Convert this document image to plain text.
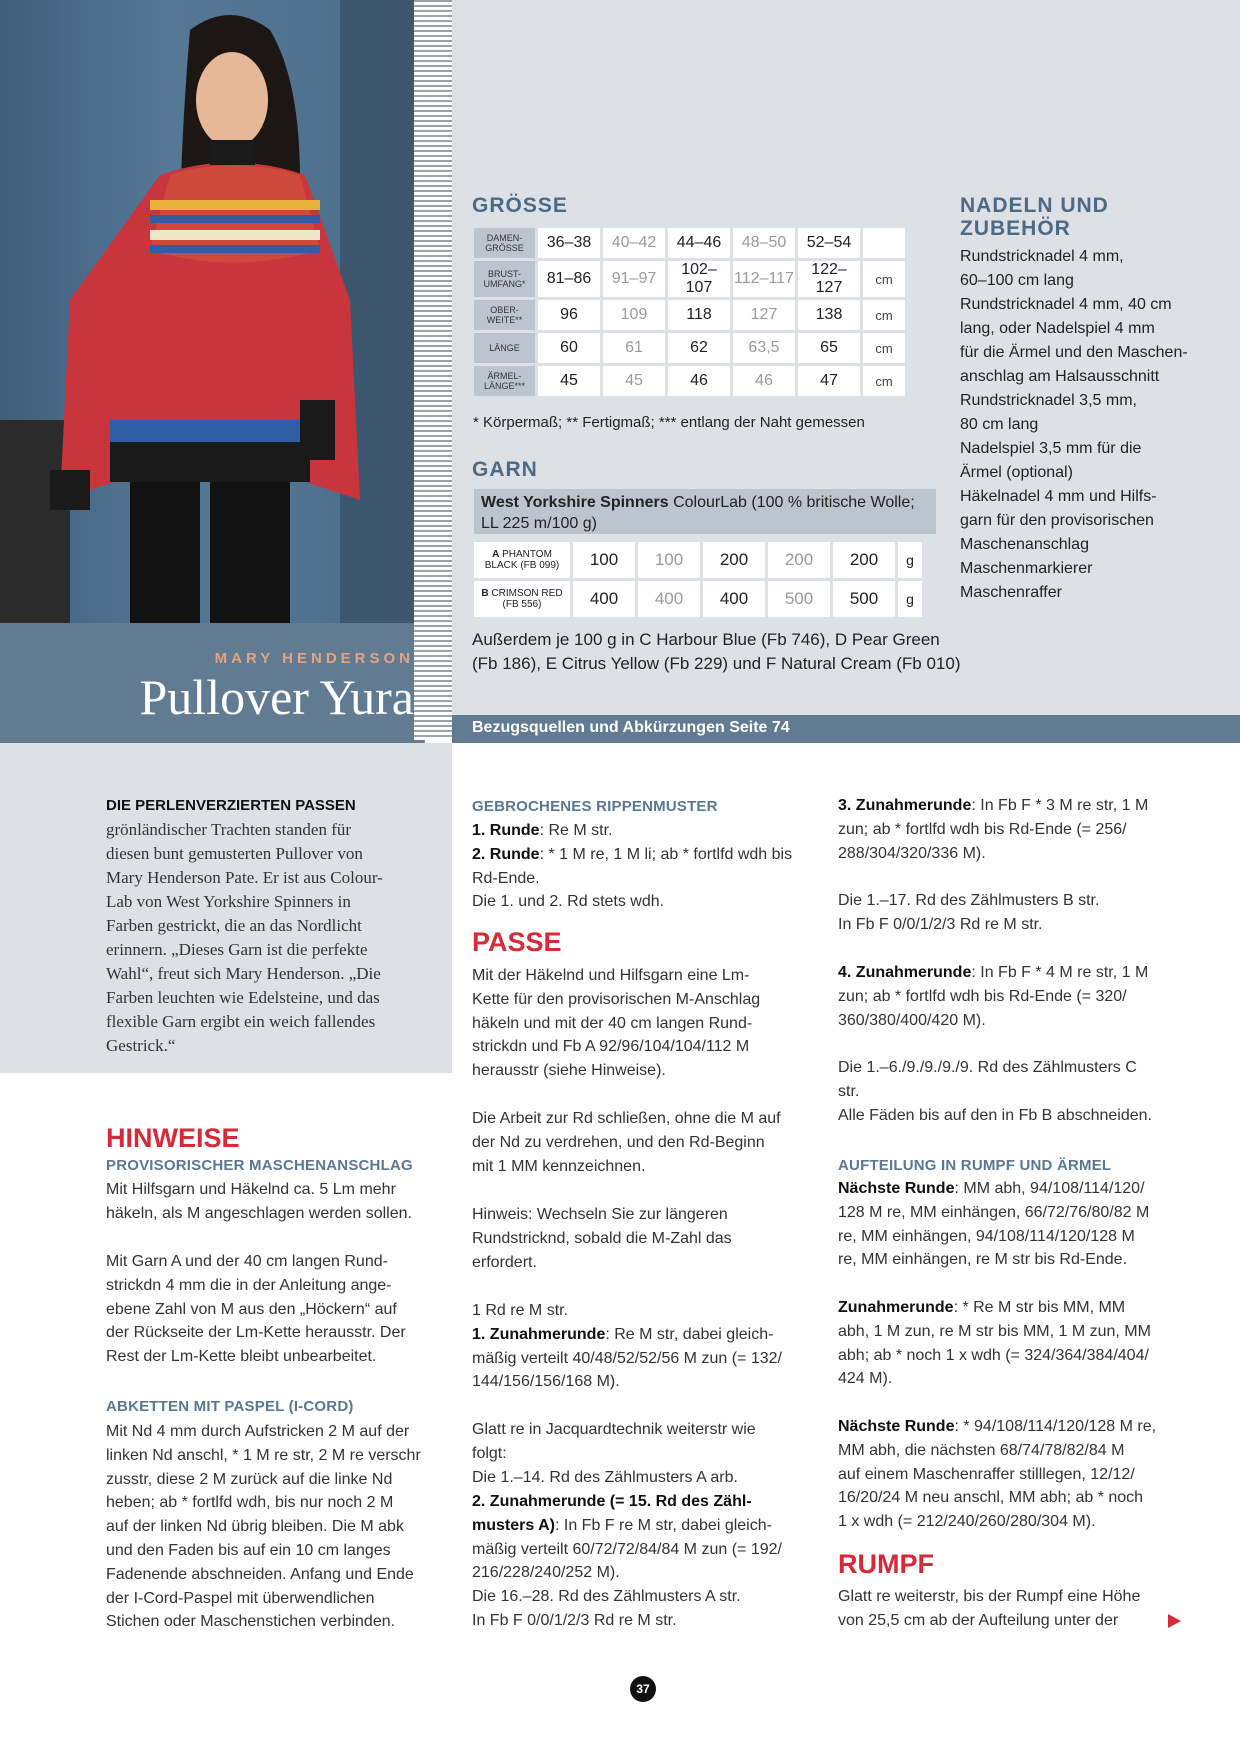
MARY HENDERSON
Pullover Yura
Bezugsquellen und Abkürzungen Seite 74
GRÖSSE
DAMEN-
GRÖSSE	36–38	40–42	44–46	48–50	52–54	
BRUST-
UMFANG*	81–86	91–97	102–107	112–117	122–127	cm
OBER-
WEITE**	96	109	118	127	138	cm
LÄNGE	60	61	62	63,5	65	cm
ÄRMEL-
LÄNGE***	45	45	46	46	47	cm
* Körpermaß; ** Fertigmaß; *** entlang der Naht gemessen
GARN
West Yorkshire Spinners ColourLab (100 % britische Wolle;
LL 225 m/100 g)
A PHANTOM
BLACK (FB 099)	100	100	200	200	200	g
B CRIMSON RED
(FB 556)	400	400	400	500	500	g
Außerdem je 100 g in C Harbour Blue (Fb 746), D Pear Green
(Fb 186), E Citrus Yellow (Fb 229) und F Natural Cream (Fb 010)
NADELN UND
ZUBEHÖR
Rundstricknadel 4 mm,
60–100 cm lang
Rundstricknadel 4 mm, 40 cm
lang, oder Nadelspiel 4 mm
für die Ärmel und den Maschen-
anschlag am Halsausschnitt
Rundstricknadel 3,5 mm,
80 cm lang
Nadelspiel 3,5 mm für die
Ärmel (optional)
Häkelnadel 4 mm und Hilfs-
garn für den provisorischen
Maschenanschlag
Maschenmarkierer
Maschenraffer
DIE PERLENVERZIERTEN PASSEN
grönländischer Trachten standen für
diesen bunt gemusterten Pullover von
Mary Henderson Pate. Er ist aus Colour-
Lab von West Yorkshire Spinners in
Farben gestrickt, die an das Nordlicht
erinnern. „Dieses Garn ist die perfekte
Wahl“, freut sich Mary Henderson. „Die
Farben leuchten wie Edelsteine, und das
flexible Garn ergibt ein weich fallendes
Gestrick.“
HINWEISE
PROVISORISCHER MASCHENANSCHLAG
Mit Hilfsgarn und Häkelnd ca. 5 Lm mehr
häkeln, als M angeschlagen werden sollen.
Mit Garn A und der 40 cm langen Rund-
strickdn 4 mm die in der Anleitung ange-
ebene Zahl von M aus den „Höckern“ auf
der Rückseite der Lm-Kette herausstr. Der
Rest der Lm-Kette bleibt unbearbeitet.
ABKETTEN MIT PASPEL (I-CORD)
Mit Nd 4 mm durch Aufstricken 2 M auf der
linken Nd anschl, * 1 M re str, 2 M re verschr
zusstr, diese 2 M zurück auf die linke Nd
heben; ab * fortlfd wdh, bis nur noch 2 M
auf der linken Nd übrig bleiben. Die M abk
und den Faden bis auf ein 10 cm langes
Fadenende abschneiden. Anfang und Ende
der I-Cord-Paspel mit überwendlichen
Stichen oder Maschenstichen verbinden.
GEBROCHENES RIPPENMUSTER
1. Runde: Re M str.
2. Runde: * 1 M re, 1 M li; ab * fortlfd wdh bis
Rd-Ende.
Die 1. und 2. Rd stets wdh.
PASSE
Mit der Häkelnd und Hilfsgarn eine Lm-
Kette für den provisorischen M-Anschlag
häkeln und mit der 40 cm langen Rund-
strickdn und Fb A 92/96/104/104/112 M
herausstr (siehe Hinweise).
Die Arbeit zur Rd schließen, ohne die M auf
der Nd zu verdrehen, und den Rd-Beginn
mit 1 MM kennzeichnen.
Hinweis: Wechseln Sie zur längeren
Rundstricknd, sobald die M-Zahl das
erfordert.
1 Rd re M str.
1. Zunahmerunde: Re M str, dabei gleich-
mäßig verteilt 40/48/52/52/56 M zun (= 132/
144/156/156/168 M).
Glatt re in Jacquardtechnik weiterstr wie
folgt:
Die 1.–14. Rd des Zählmusters A arb.
2. Zunahmerunde (= 15. Rd des Zähl-
musters A): In Fb F re M str, dabei gleich-
mäßig verteilt 60/72/72/84/84 M zun (= 192/
216/228/240/252 M).
Die 16.–28. Rd des Zählmusters A str.
In Fb F 0/0/1/2/3 Rd re M str.
3. Zunahmerunde: In Fb F * 3 M re str, 1 M
zun; ab * fortlfd wdh bis Rd-Ende (= 256/
288/304/320/336 M).
Die 1.–17. Rd des Zählmusters B str.
In Fb F 0/0/1/2/3 Rd re M str.
4. Zunahmerunde: In Fb F * 4 M re str, 1 M
zun; ab * fortlfd wdh bis Rd-Ende (= 320/
360/380/400/420 M).
Die 1.–6./9./9./9./9. Rd des Zählmusters C
str.
Alle Fäden bis auf den in Fb B abschneiden.
AUFTEILUNG IN RUMPF UND ÄRMEL
Nächste Runde: MM abh, 94/108/114/120/
128 M re, MM einhängen, 66/72/76/80/82 M
re, MM einhängen, 94/108/114/120/128 M
re, MM einhängen, re M str bis Rd-Ende.
Zunahmerunde: * Re M str bis MM, MM
abh, 1 M zun, re M str bis MM, 1 M zun, MM
abh; ab * noch 1 x wdh (= 324/364/384/404/
424 M).
Nächste Runde: * 94/108/114/120/128 M re,
MM abh, die nächsten 68/74/78/82/84 M
auf einem Maschenraffer stilllegen, 12/12/
16/20/24 M neu anschl, MM abh; ab * noch
1 x wdh (= 212/240/260/280/304 M).
RUMPF
Glatt re weiterstr, bis der Rumpf eine Höhe
von 25,5 cm ab der Aufteilung unter der
37
